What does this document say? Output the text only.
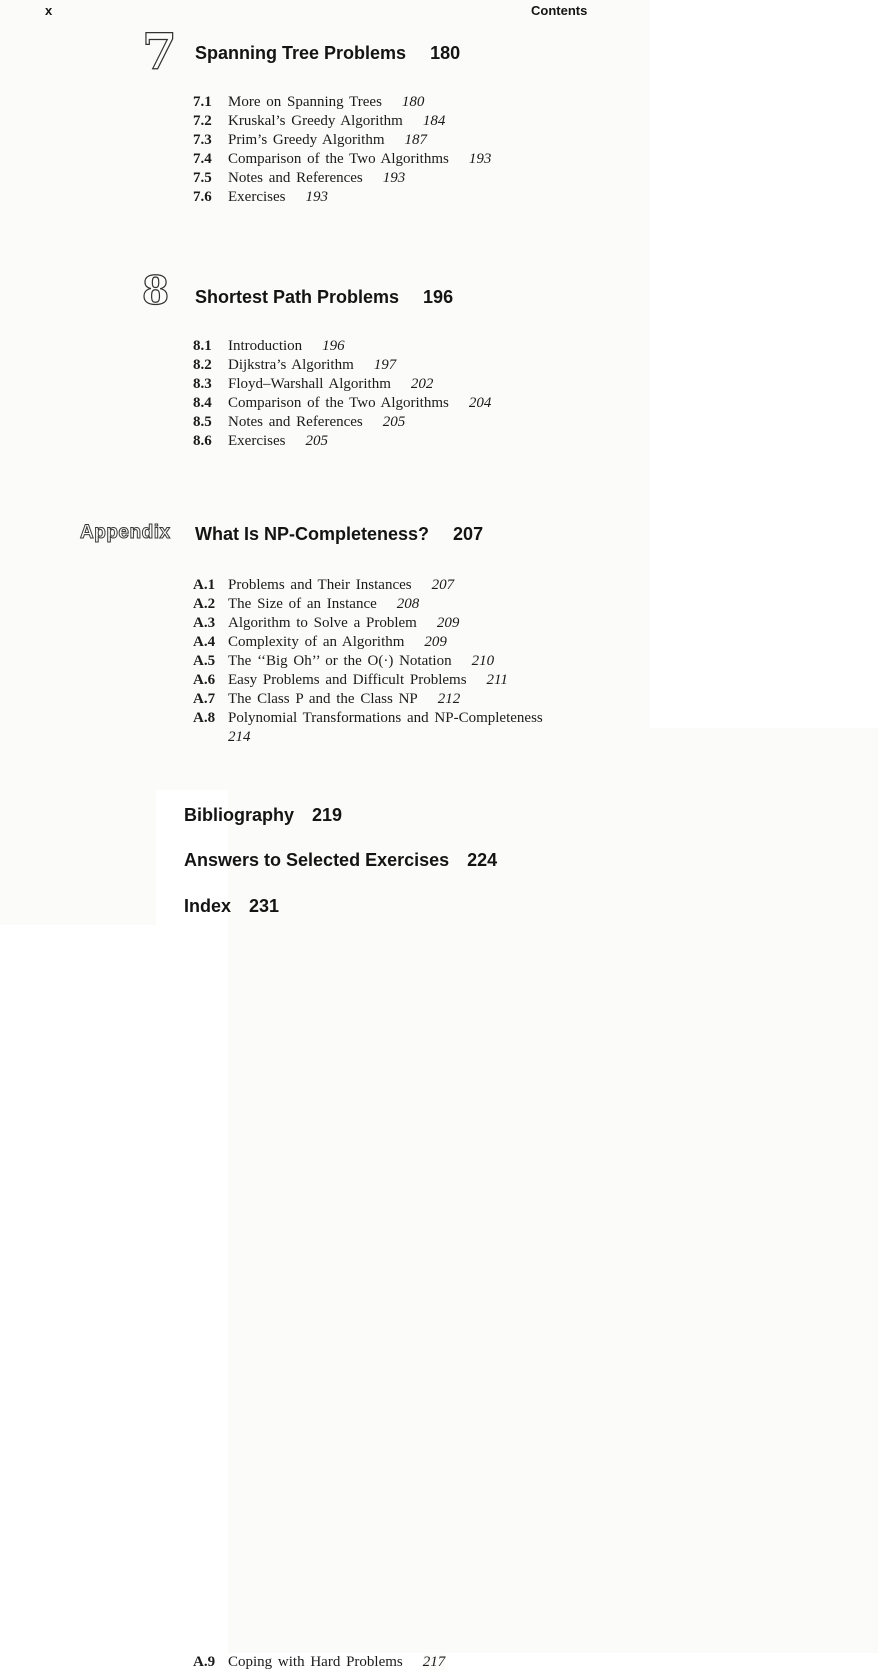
x	Contents
7 Spanning Tree Problems 180
7.1	More on Spanning Trees 180
7.2	Kruskal’s Greedy Algorithm 184
7.3	Prim’s Greedy Algorithm 187
7.4	Comparison of the Two Algorithms 193
7.5	Notes and References 193
7.6	Exercises 193
8 Shortest Path Problems 196
8.1	Introduction 196
8.2	Dijkstra’s Algorithm 197
8.3	Floyd–Warshall Algorithm 202
8.4	Comparison of the Two Algorithms 204
8.5	Notes and References 205
8.6	Exercises 205
Appendix What Is NP-Completeness? 207
A.1 Problems and Their Instances 207
A.2 The Size of an Instance 208
A.3 Algorithm to Solve a Problem 209
A.4 Complexity of an Algorithm 209
A.5 The ‘‘Big Oh’’ or the O(·) Notation 210
A.6 Easy Problems and Difficult Problems 211
A.7 The Class P and the Class NP 212
A.8 Polynomial Transformations and NP-Completeness
214
A.9 Coping with Hard Problems 217
Bibliography 219
Answers to Selected Exercises 224
Index 231
